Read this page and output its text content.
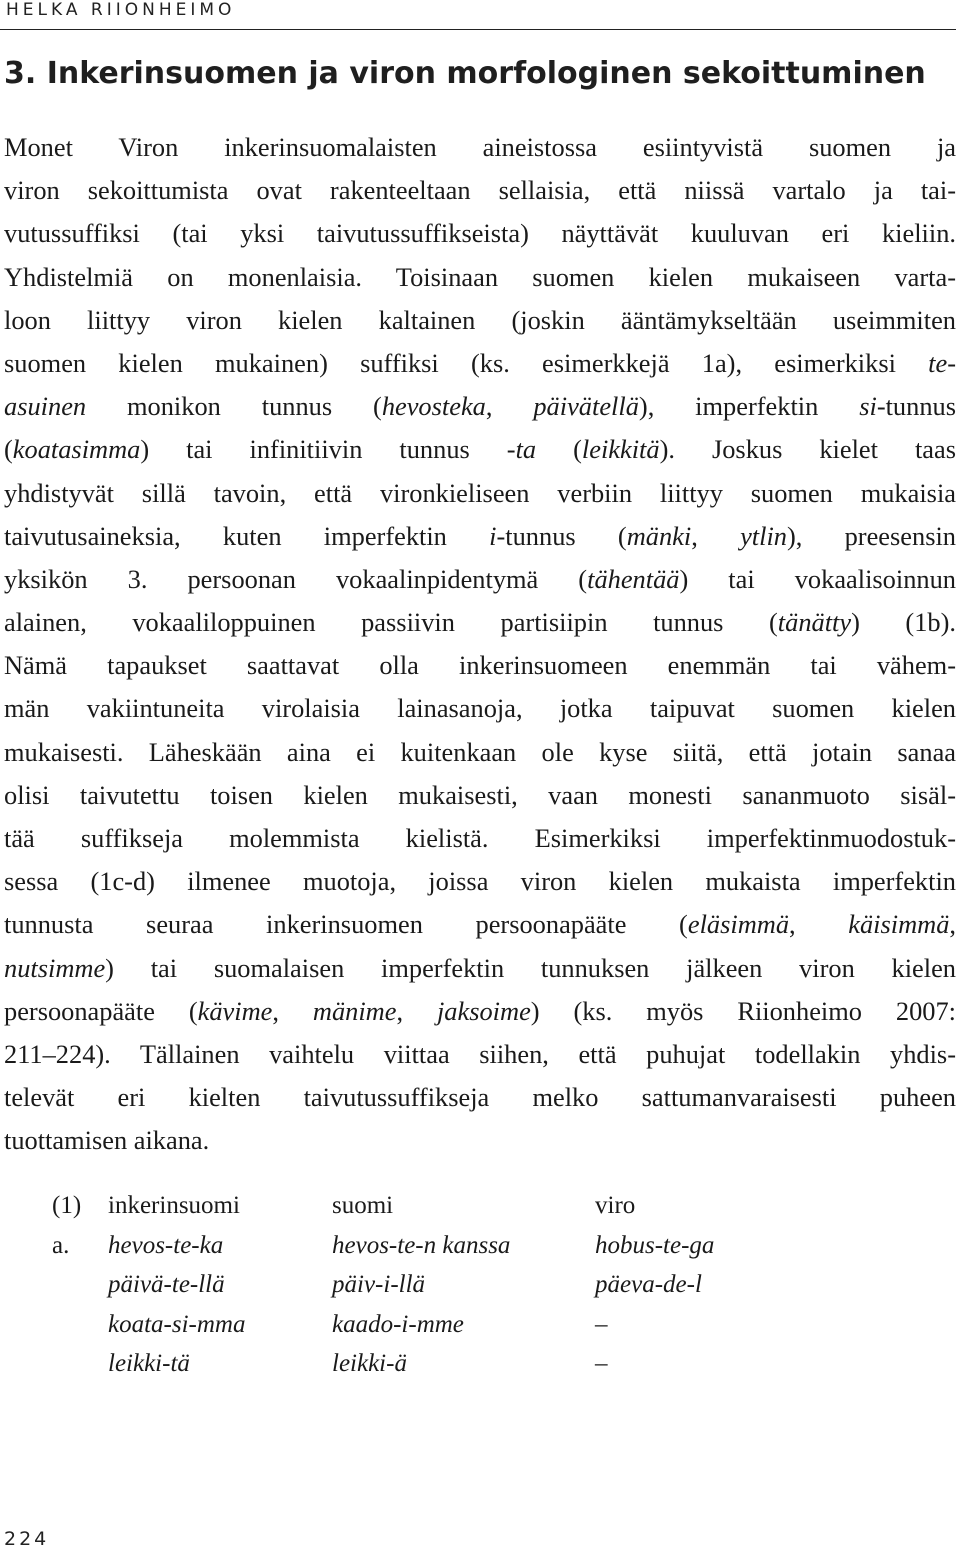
HELKA RIIONHEIMO
3. Inkerinsuomen ja viron morfologinen sekoittuminen
Monet Viron inkerinsuomalaisten aineistossa esiintyvistä suomen ja
viron sekoittumista ovat rakenteeltaan sellaisia, että niissä vartalo ja tai-
vutussuffiksi (tai yksi taivutussuffikseista) näyttävät kuuluvan eri kieliin.
Yhdistelmiä on monenlaisia. Toisinaan suomen kielen mukaiseen varta-
loon liittyy viron kielen kaltainen (joskin ääntämykseltään useimmiten
suomen kielen mukainen) suffiksi (ks. esimerkkejä 1a), esimerkiksi te-
asuinen monikon tunnus (hevosteka, päivätellä), imperfektin si-tunnus
(koatasimma) tai infinitiivin tunnus -ta (leikkitä). Joskus kielet taas
yhdistyvät sillä tavoin, että vironkieliseen verbiin liittyy suomen mukaisia
taivutusaineksia, kuten imperfektin i-tunnus (mänki, ytlin), preesensin
yksikön 3. persoonan vokaalinpidentymä (tähentää) tai vokaalisoinnun
alainen, vokaaliloppuinen passiivin partisiipin tunnus (tänätty) (1b).
Nämä tapaukset saattavat olla inkerinsuomeen enemmän tai vähem-
män vakiintuneita virolaisia lainasanoja, jotka taipuvat suomen kielen
mukaisesti. Läheskään aina ei kuitenkaan ole kyse siitä, että jotain sanaa
olisi taivutettu toisen kielen mukaisesti, vaan monesti sananmuoto sisäl-
tää suffikseja molemmista kielistä. Esimerkiksi imperfektinmuodostuk-
sessa (1c-d) ilmenee muotoja, joissa viron kielen mukaista imperfektin
tunnusta seuraa inkerinsuomen persoonapääte (eläsimmä, käisimmä,
nutsimme) tai suomalaisen imperfektin tunnuksen jälkeen viron kielen
persoonapääte (kävime, mänime, jaksoime) (ks. myös Riionheimo 2007:
211–224). Tällainen vaihtelu viittaa siihen, että puhujat todellakin yhdis-
televät eri kielten taivutussuffikseja melko sattumanvaraisesti puheen
tuottamisen aikana.
(1) inkerinsuomi	suomi	viro
a. hevos-te-ka	hevos-te-n kanssa	hobus-te-ga
päivä-te-llä	päiv-i-llä	päeva-de-l
koata-si-mma	kaado-i-mme	–
leikki-tä	leikki-ä	–
224
